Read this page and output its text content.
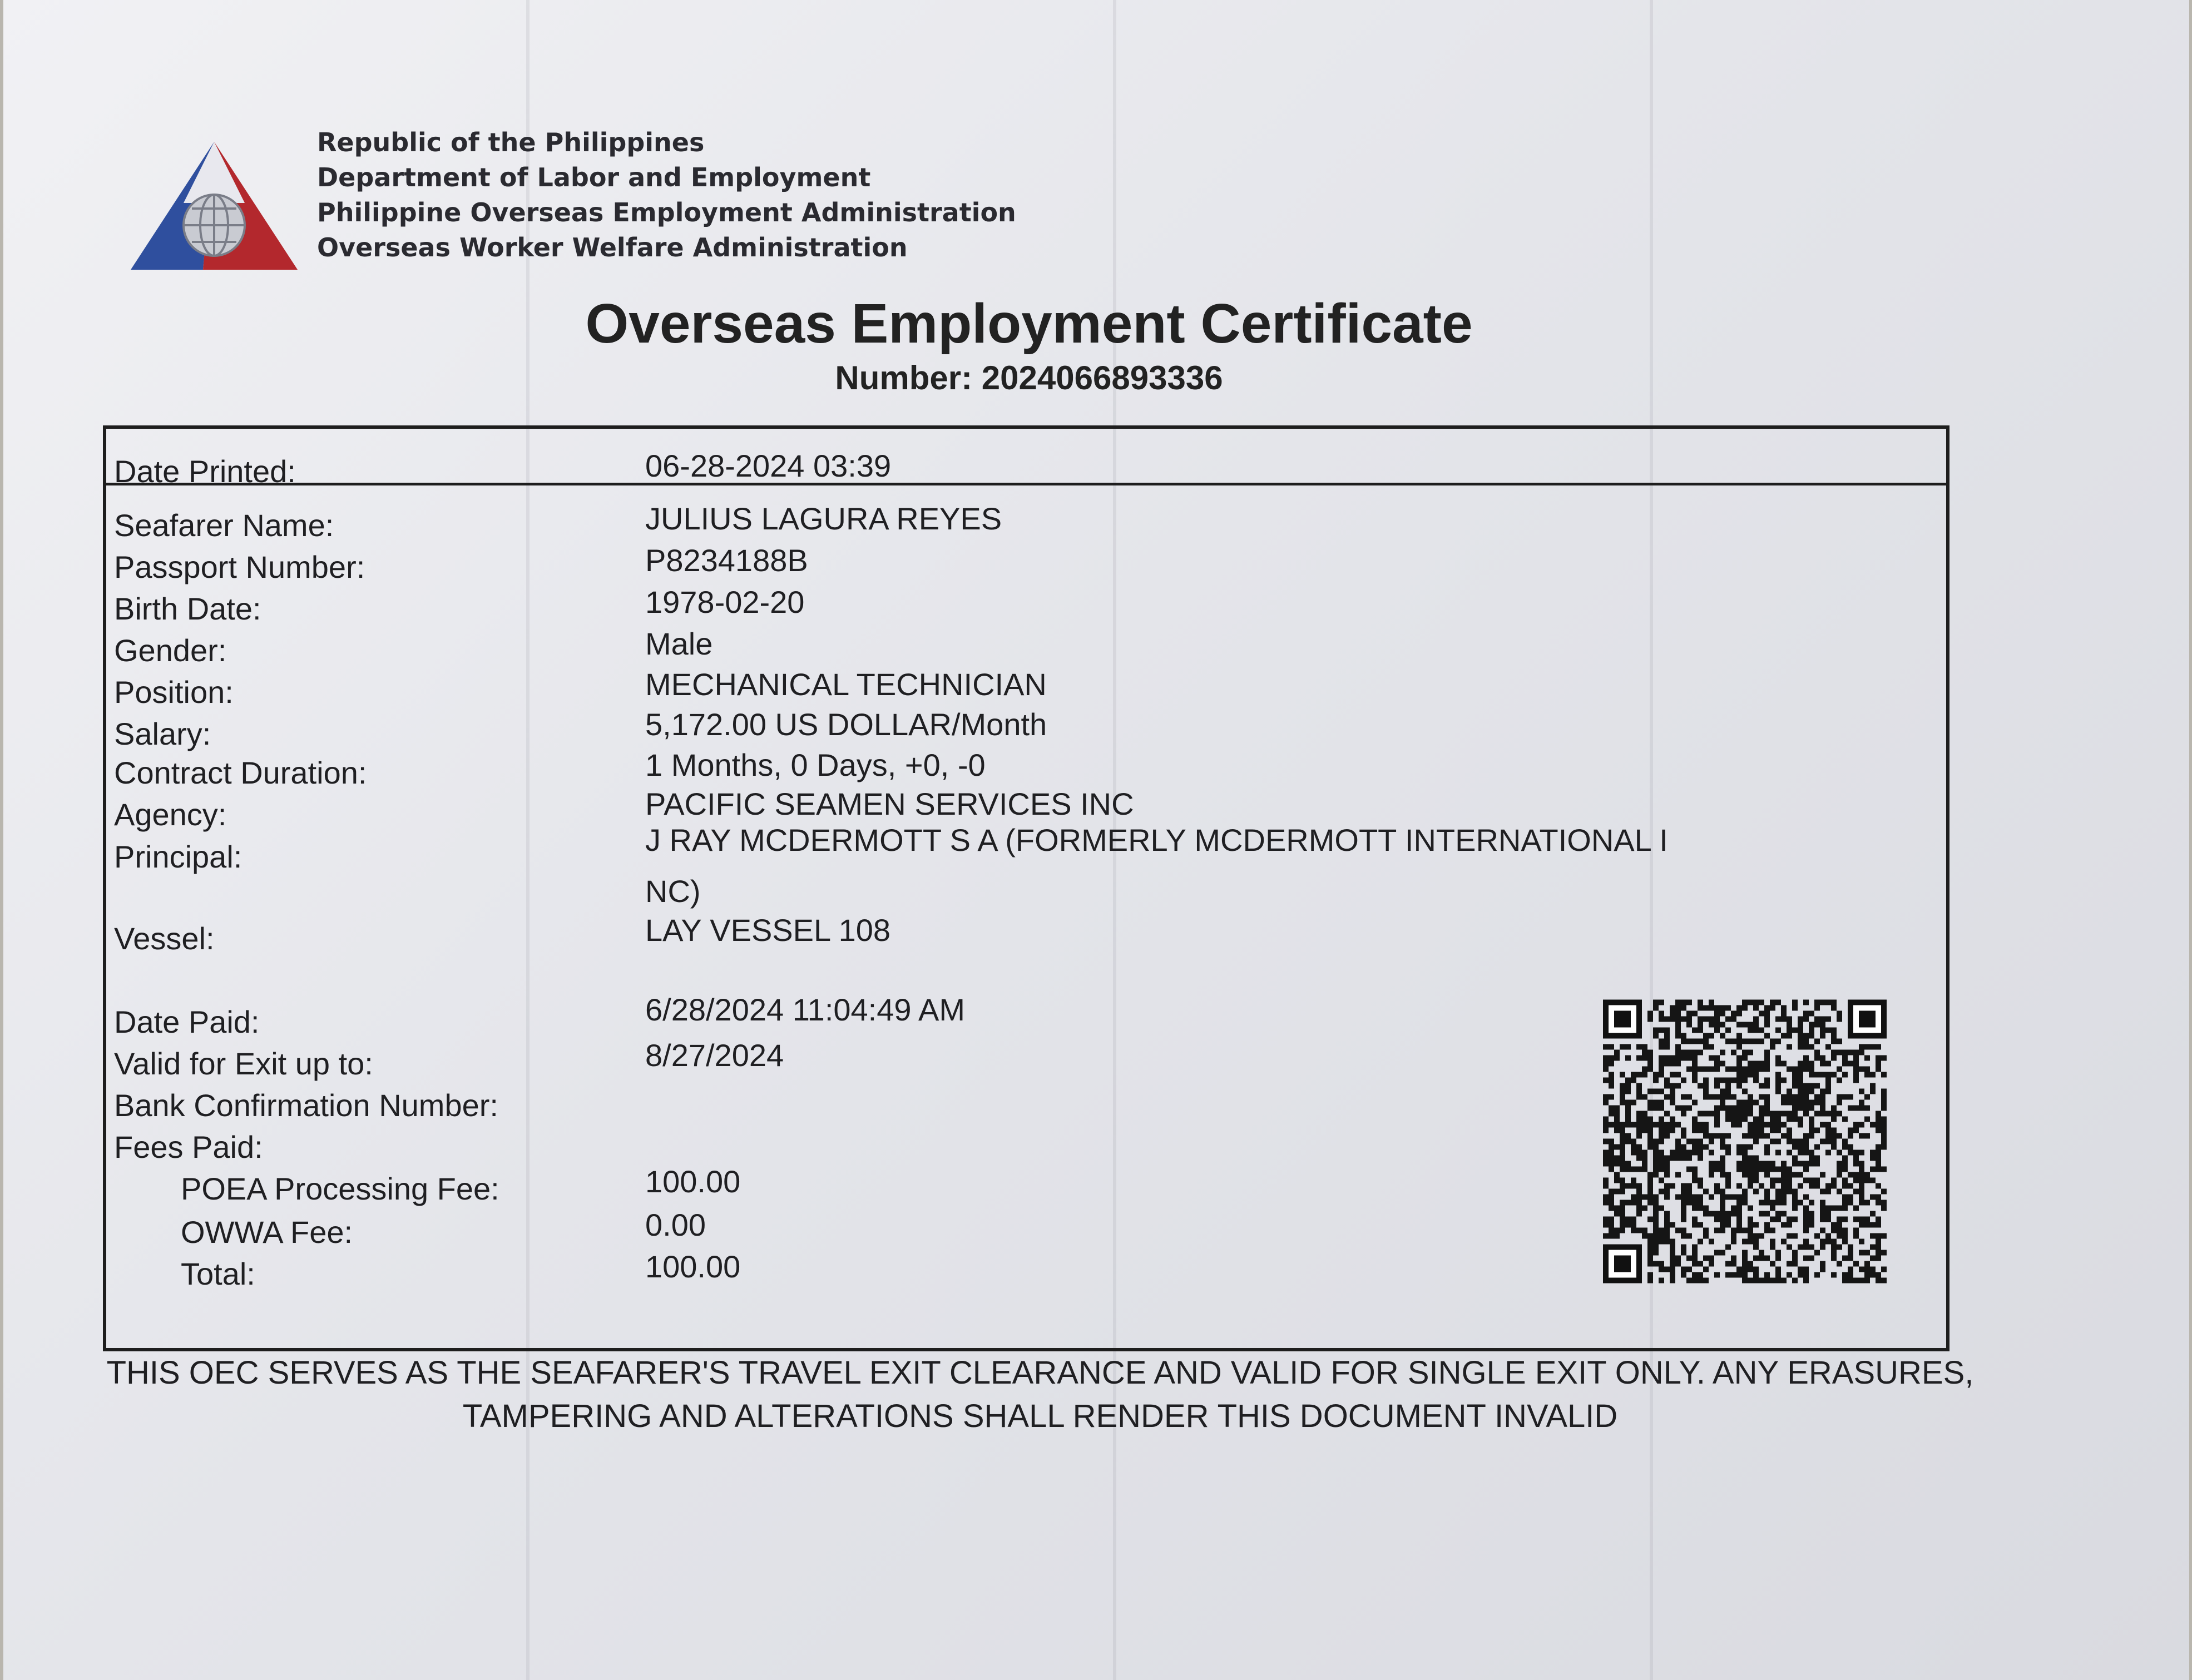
Republic of the Philippines
Department of Labor and Employment
Philippine Overseas Employment Administration
Overseas Worker Welfare Administration
Overseas Employment Certificate
Number: 2024066893336
Date Printed:	06-28-2024 03:39
Seafarer Name:	JULIUS LAGURA REYES
Passport Number:	P8234188B
Birth Date:	1978-02-20
Gender:	Male
Position:	MECHANICAL TECHNICIAN
Salary:	5,172.00 US DOLLAR/Month
Contract Duration:	1 Months, 0 Days, +0, -0
Agency:	PACIFIC SEAMEN SERVICES INC
Principal:	J RAY MCDERMOTT S A (FORMERLY MCDERMOTT INTERNATIONAL I
NC)
Vessel:	LAY VESSEL 108
Date Paid:	6/28/2024 11:04:49 AM
Valid for Exit up to:	8/27/2024
Bank Confirmation Number:
Fees Paid:
POEA Processing Fee:	100.00
OWWA Fee:	0.00
Total:	100.00
THIS OEC SERVES AS THE SEAFARER'S TRAVEL EXIT CLEARANCE AND VALID FOR SINGLE EXIT ONLY. ANY ERASURES,
TAMPERING AND ALTERATIONS SHALL RENDER THIS DOCUMENT INVALID
